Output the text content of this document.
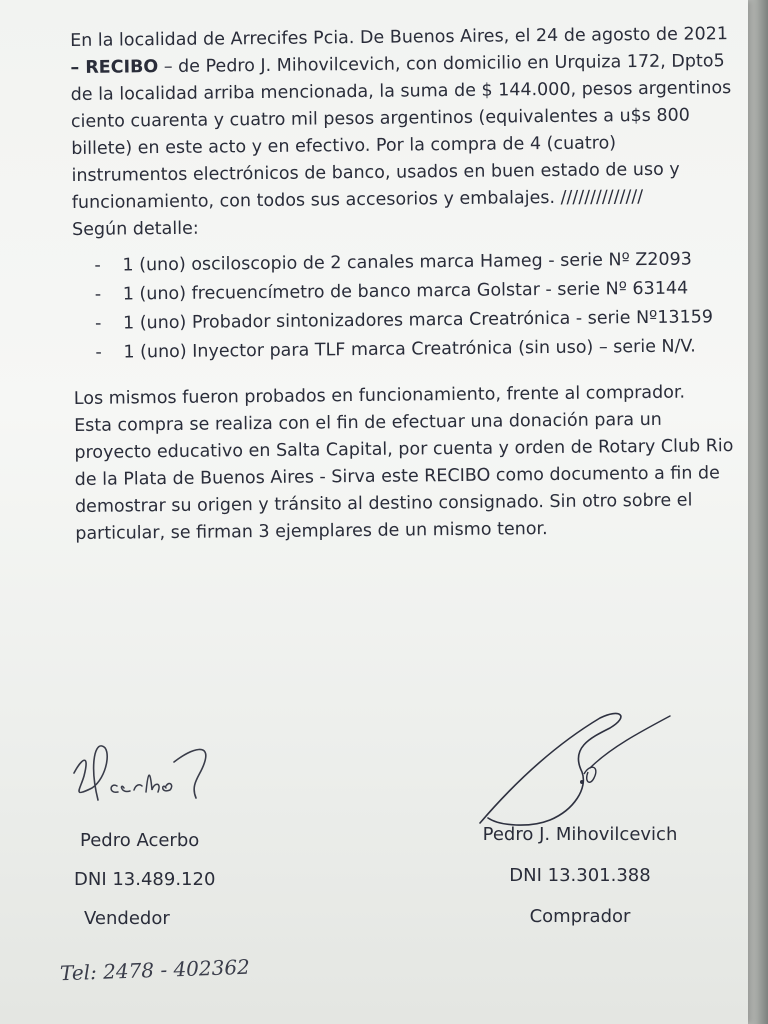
En la localidad de Arrecifes Pcia. De Buenos Aires, el 24 de agosto de 2021
– RECIBO – de Pedro J. Mihovilcevich, con domicilio en Urquiza 172, Dpto5
de la localidad arriba mencionada, la suma de $ 144.000, pesos argentinos
ciento cuarenta y cuatro mil pesos argentinos (equivalentes a u$s 800
billete) en este acto y en efectivo. Por la compra de 4 (cuatro)
instrumentos electrónicos de banco, usados en buen estado de uso y
funcionamiento, con todos sus accesorios y embalajes. //////////////
Según detalle:

-	1 (uno) osciloscopio de 2 canales marca Hameg - serie Nº Z2093
-	1 (uno) frecuencímetro de banco marca Golstar - serie Nº 63144
-	1 (uno) Probador sintonizadores marca Creatrónica - serie Nº13159
-	1 (uno) Inyector para TLF marca Creatrónica (sin uso) – serie N/V.

Los mismos fueron probados en funcionamiento, frente al comprador.
Esta compra se realiza con el fin de efectuar una donación para un
proyecto educativo en Salta Capital, por cuenta y orden de Rotary Club Rio
de la Plata de Buenos Aires - Sirva este RECIBO como documento a fin de
demostrar su origen y tránsito al destino consignado. Sin otro sobre el
particular, se firman 3 ejemplares de un mismo tenor.

Pedro Acerbo
DNI 13.489.120
Vendedor
Tel: 2478 - 402362
Pedro J. Mihovilcevich
DNI 13.301.388
Comprador
